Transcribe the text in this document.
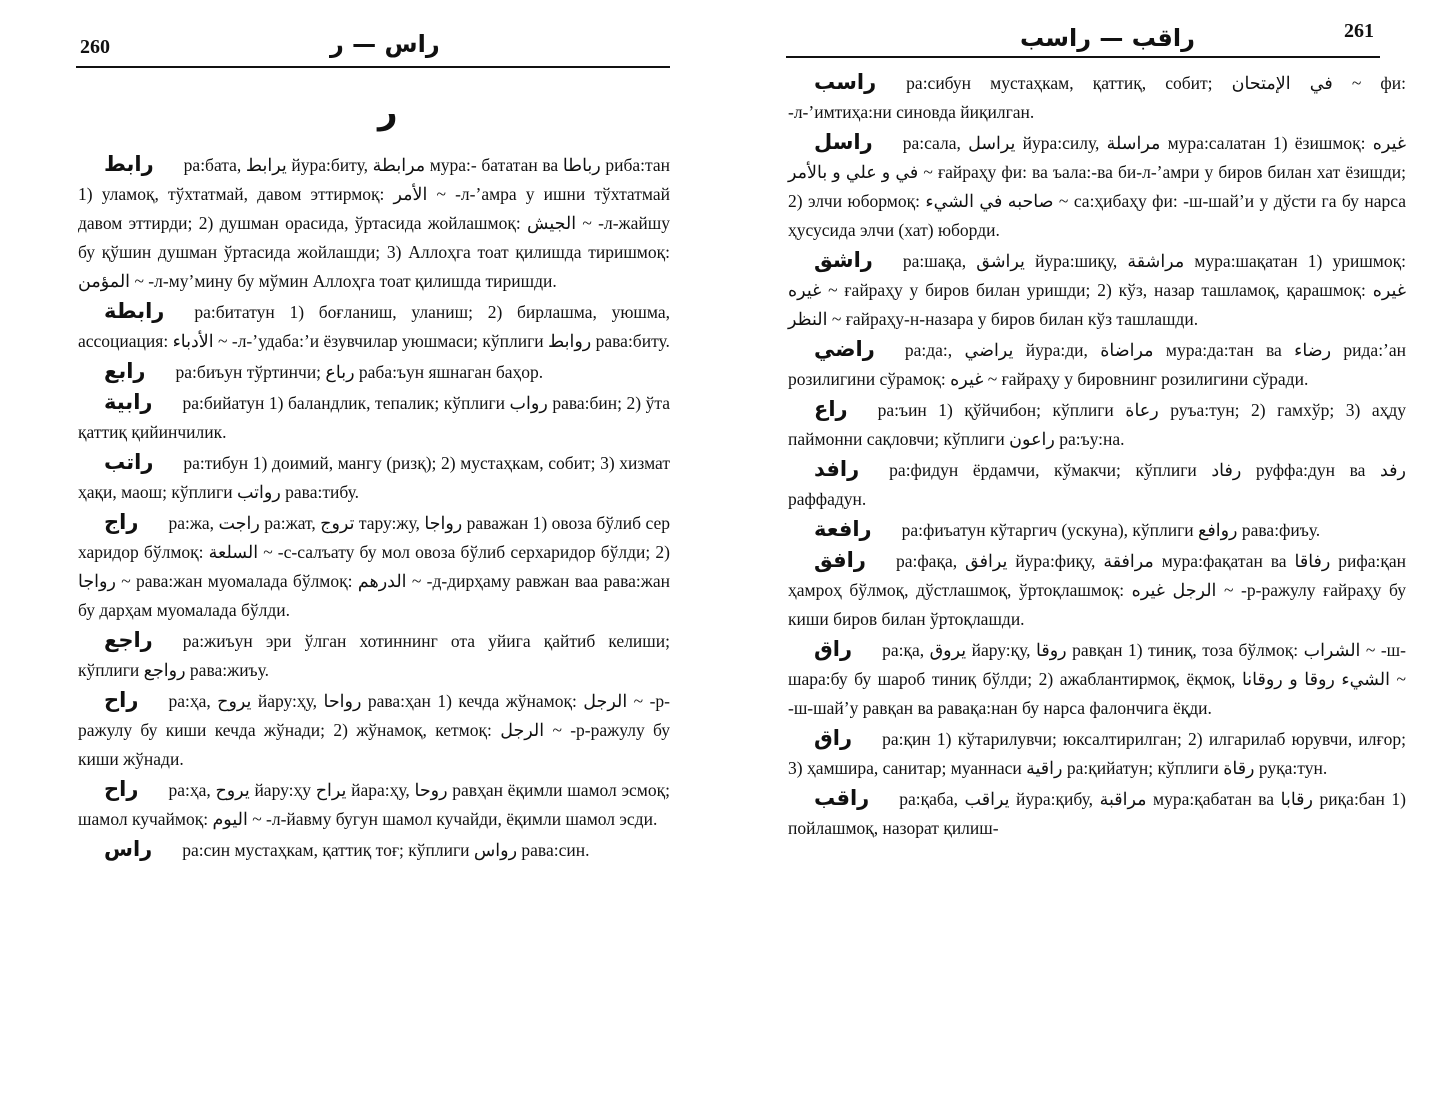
260	راس — ر
ر

رابط ра:бата, يرابط йура:биту, مرابطة мура:- бататан ва رباطا риба:тан 1) уламоқ, тўхтатмай, давом эттирмоқ: الأمر ~ -л-’амра у ишни тўхтатмай давом эттирди; 2) душман орасида, ўртасида жойлашмоқ: الجيش ~ -л-жайшу бу қўшин душман ўртасида жойлашди; 3) Аллоҳга тоат қилишда тиришмоқ: المؤمن ~ -л-му’мину бу мўмин Аллоҳга тоат қилишда тиришди.

رابطة ра:битатун 1) боғланиш, уланиш; 2) бирлашма, уюшма, ассоциация: الأدباء ~ -л-’удаба:’и ёзувчилар уюшмаси; кўплиги روابط рава:биту.

رابع ра:биъун тўртинчи; رباع раба:ъун яшнаган баҳор.

رابية ра:бийатун 1) баландлик, тепалик; кўплиги رواب рава:бин; 2) ўта қаттиқ қийинчилик.

راتب ра:тибун 1) доимий, мангу (ризқ); 2) мустаҳкам, собит; 3) хизмат ҳақи, маош; кўплиги رواتب рава:тибу.

راج ра:жа, راجت ра:жат, تروج тару:жу, رواجا раважан 1) овоза бўлиб сер харидор бўлмоқ: السلعة ~ -с-салъату бу мол овоза бўлиб серхаридор бўлди; 2) رواجا ~ рава:жан муомалада бўлмоқ: الدرهم ~ -д-дирҳаму равжан ваа рава:жан бу дарҳам муомалада бўлди.

راجع ра:жиъун эри ўлган хотиннинг ота уйига қайтиб келиши; кўплиги رواجع рава:жиъу.

راح ра:ҳа, يروح йару:ҳу, رواحا рава:ҳан 1) кечда жўнамоқ: الرجل ~ -р-ражулу бу киши кечда жўнади; 2) жўнамоқ, кетмоқ: الرجل ~ -р-ражулу бу киши жўнади.

راح ра:ҳа, يروح йару:ҳу يراح йара:ҳу, روحا равҳан ёқимли шамол эсмоқ; шамол кучаймоқ: اليوم ~ -л-йавму бугун шамол кучайди, ёқимли шамол эсди.

راس ра:син мустаҳкам, қаттиқ тоғ; кўплиги رواس рава:син.

راقب — راسب	261

راسب ра:сибун мустаҳкам, қаттиқ, собит; في الإمتحان ~ фи: -л-’имтиҳа:ни синовда йиқилган.

راسل ра:сала, يراسل йура:силу, مراسلة мура:салатан 1) ёзишмоқ: غيره في و علي و بالأمر ~ ғайраҳу фи: ва ъала:-ва би-л-’амри у биров билан хат ёзишди; 2) элчи юбормоқ: صاحبه في الشيء ~ са:ҳибаҳу фи: -ш-шай’и у дўсти га бу нарса ҳусусида элчи (хат) юборди.

راشق ра:шақа, يراشق йура:шиқу, مراشقة мура:шақатан 1) уришмоқ: غيره ~ ғайраҳу у биров билан уришди; 2) кўз, назар ташламоқ, қарашмоқ: غيره النظر ~ ғайраҳу-н-назара у биров билан кўз ташлашди.

راضي ра:да:, يراضي йура:ди, مراضاة мура:да:тан ва رضاء рида:’ан розилигини сўрамоқ: غيره ~ ғайраҳу у бировнинг розилигини сўради.

راع ра:ъин 1) қўйчибон; кўплиги رعاة руъа:тун; 2) гамхўр; 3) аҳду паймонни сақловчи; кўплиги راعون ра:ъу:на.

رافد ра:фидун ёрдамчи, кўмакчи; кўплиги رفاد руффа:дун ва رفد раффадун.

رافعة ра:фиъатун кўтаргич (ускуна), кўплиги روافع рава:фиъу.

رافق ра:фақа, يرافق йура:фиқу, مرافقة мура:фақатан ва رفاقا рифа:қан ҳамроҳ бўлмоқ, дўстлашмоқ, ўртоқлашмоқ: الرجل غيره ~ -р-ражулу ғайраҳу бу киши биров билан ўртоқлашди.

راق ра:қа, يروق йару:қу, روقا равқан 1) тиниқ, тоза бўлмоқ: الشراب ~ -ш-шара:бу бу шароб тиниқ бўлди; 2) ажаблантирмоқ, ёқмоқ, الشيء روقا و روقانا ~ -ш-шай’у равқан ва равақа:нан бу нарса фалончига ёқди.

راق ра:қин 1) кўтарилувчи; юксалтирилган; 2) илгарилаб юрувчи, илғор; 3) ҳамшира, санитар; муаннаси راقية ра:қийатун; кўплиги رقاة руқа:тун.

راقب ра:қаба, يراقب йура:қибу, مراقبة мура:қабатан ва رقابا риқа:бан 1) пойлашмоқ, назорат қилиш-
